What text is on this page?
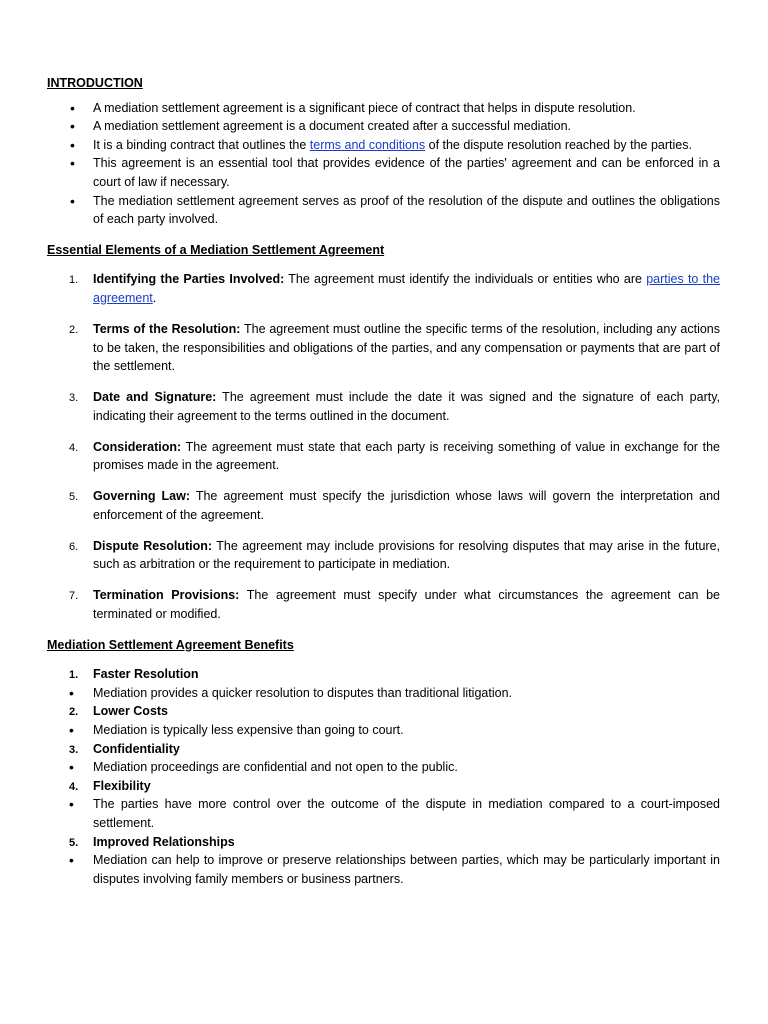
INTRODUCTION

• A mediation settlement agreement is a significant piece of contract that helps in dispute resolution.
• A mediation settlement agreement is a document created after a successful mediation.
• It is a binding contract that outlines the terms and conditions of the dispute resolution reached by the parties.
• This agreement is an essential tool that provides evidence of the parties' agreement and can be enforced in a court of law if necessary.
• The mediation settlement agreement serves as proof of the resolution of the dispute and outlines the obligations of each party involved.

Essential Elements of a Mediation Settlement Agreement

1. Identifying the Parties Involved: The agreement must identify the individuals or entities who are parties to the agreement.
2. Terms of the Resolution: The agreement must outline the specific terms of the resolution, including any actions to be taken, the responsibilities and obligations of the parties, and any compensation or payments that are part of the settlement.
3. Date and Signature: The agreement must include the date it was signed and the signature of each party, indicating their agreement to the terms outlined in the document.
4. Consideration: The agreement must state that each party is receiving something of value in exchange for the promises made in the agreement.
5. Governing Law: The agreement must specify the jurisdiction whose laws will govern the interpretation and enforcement of the agreement.
6. Dispute Resolution: The agreement may include provisions for resolving disputes that may arise in the future, such as arbitration or the requirement to participate in mediation.
7. Termination Provisions: The agreement must specify under what circumstances the agreement can be terminated or modified.

Mediation Settlement Agreement Benefits

1. Faster Resolution
• Mediation provides a quicker resolution to disputes than traditional litigation.
2. Lower Costs
• Mediation is typically less expensive than going to court.
3. Confidentiality
• Mediation proceedings are confidential and not open to the public.
4. Flexibility
• The parties have more control over the outcome of the dispute in mediation compared to a court-imposed settlement.
5. Improved Relationships
• Mediation can help to improve or preserve relationships between parties, which may be particularly important in disputes involving family members or business partners.
